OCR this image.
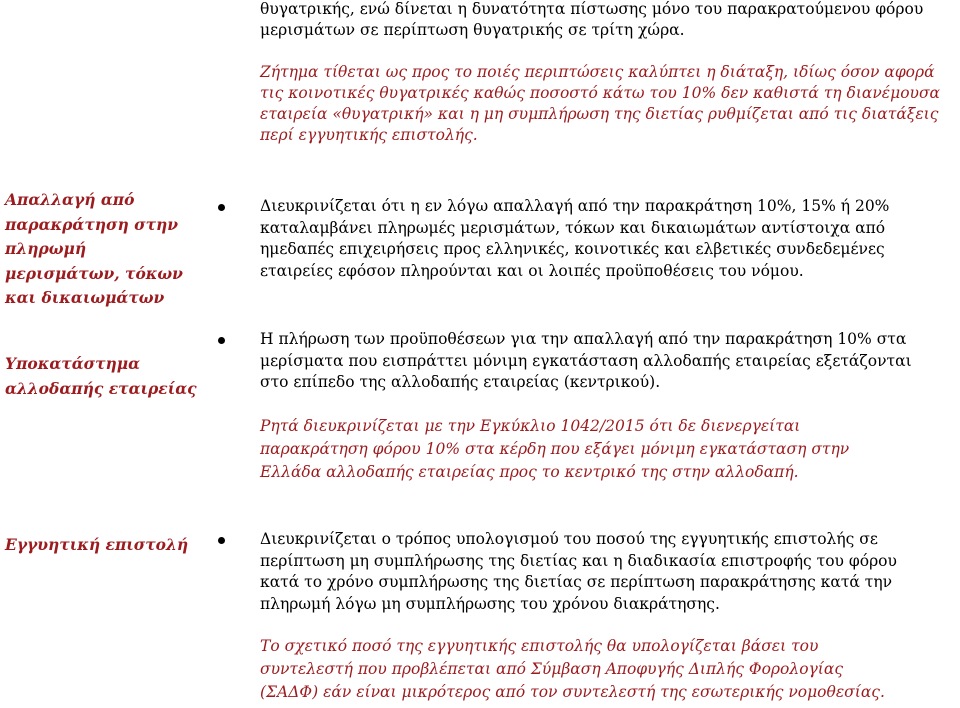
θυγατρικής, ενώ δίνεται η δυνατότητα πίστωσης μόνο του παρακρατούμενου φόρου μερισμάτων σε περίπτωση θυγατρικής σε τρίτη χώρα.

Ζήτημα τίθεται ως προς το ποιές περιπτώσεις καλύπτει η διάταξη, ιδίως όσον αφορά τις κοινοτικές θυγατρικές καθώς ποσοστό κάτω του 10% δεν καθιστά τη διανέμουσα εταιρεία «θυγατρική» και η μη συμπλήρωση της διετίας ρυθμίζεται από τις διατάξεις περί εγγυητικής επιστολής.

Απαλλαγή από παρακράτηση στην πληρωμή μερισμάτων, τόκων και δικαιωμάτων

Διευκρινίζεται ότι η εν λόγω απαλλαγή από την παρακράτηση 10%, 15% ή 20%
καταλαμβάνει πληρωμές μερισμάτων, τόκων και δικαιωμάτων αντίστοιχα από
ημεδαπές επιχειρήσεις προς ελληνικές, κοινοτικές και ελβετικές συνδεδεμένες
εταιρείες εφόσον πληρούνται και οι λοιπές προϋποθέσεις του νόμου.

Υποκατάστημα αλλοδαπής εταιρείας

Η πλήρωση των προϋποθέσεων για την απαλλαγή από την παρακράτηση 10% στα
μερίσματα που εισπράττει μόνιμη εγκατάσταση αλλοδαπής εταιρείας εξετάζονται
στο επίπεδο της αλλοδαπής εταιρείας (κεντρικού).

Ρητά διευκρινίζεται με την Εγκύκλιο 1042/2015 ότι δε διενεργείται
παρακράτηση φόρου 10% στα κέρδη που εξάγει μόνιμη εγκατάσταση στην
Ελλάδα αλλοδαπής εταιρείας προς το κεντρικό της στην αλλοδαπή.

Εγγυητική επιστολή	Διευκρινίζεται ο τρόπος υπολογισμού του ποσού της εγγυητικής επιστολής σε
περίπτωση μη συμπλήρωσης της διετίας και η διαδικασία επιστροφής του φόρου
κατά το χρόνο συμπλήρωσης της διετίας σε περίπτωση παρακράτησης κατά την
πληρωμή λόγω μη συμπλήρωσης του χρόνου διακράτησης.

Το σχετικό ποσό της εγγυητικής επιστολής θα υπολογίζεται βάσει του
συντελεστή που προβλέπεται από Σύμβαση Αποφυγής Διπλής Φορολογίας
(ΣΑΔΦ) εάν είναι μικρότερος από τον συντελεστή της εσωτερικής νομοθεσίας.
